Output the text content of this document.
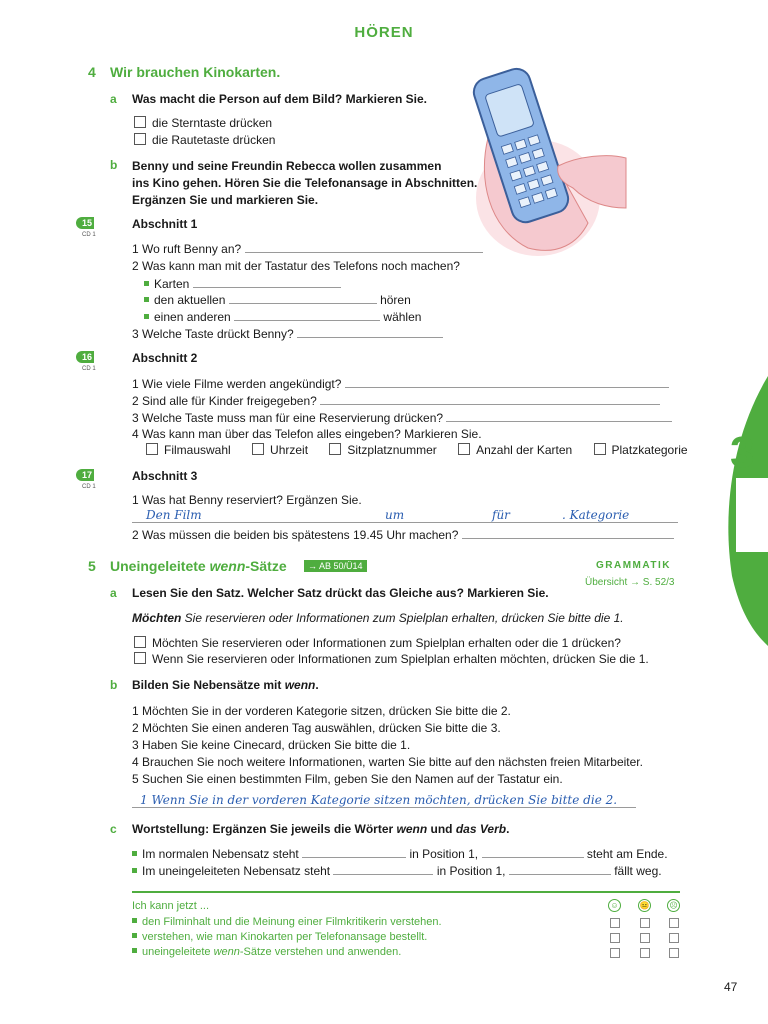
HÖREN
3
4 Wir brauchen Kinokarten.
a Was macht die Person auf dem Bild? Markieren Sie.
die Sterntaste drücken
die Rautetaste drücken
b Benny und seine Freundin Rebecca wollen zusammen
ins Kino gehen. Hören Sie die Telefonansage in Abschnitten.
Ergänzen Sie und markieren Sie.
15
CD 1
Abschnitt 1
1 Wo ruft Benny an?
2 Was kann man mit der Tastatur des Telefons noch machen?
Karten
den aktuellen	hören
einen anderen	wählen
3 Welche Taste drückt Benny?
16
CD 1
Abschnitt 2
1 Wie viele Filme werden angekündigt?
2 Sind alle für Kinder freigegeben?
3 Welche Taste muss man für eine Reservierung drücken?
4 Was kann man über das Telefon alles eingeben? Markieren Sie.
Filmauswahl	Uhrzeit	Sitzplatznummer	Anzahl der Karten	Platzkategorie
17
CD 1
Abschnitt 3
1 Was hat Benny reserviert? Ergänzen Sie.
Den Film	um	für	. Kategorie
2 Was müssen die beiden bis spätestens 19.45 Uhr machen?
5 Uneingeleitete wenn-Sätze	→ AB 50/Ü14	GRAMMATIK
Übersicht → S. 52/3
a Lesen Sie den Satz. Welcher Satz drückt das Gleiche aus? Markieren Sie.
Möchten Sie reservieren oder Informationen zum Spielplan erhalten, drücken Sie bitte die 1.
Möchten Sie reservieren oder Informationen zum Spielplan erhalten oder die 1 drücken?
Wenn Sie reservieren oder Informationen zum Spielplan erhalten möchten, drücken Sie die 1.
b Bilden Sie Nebensätze mit wenn.
1 Möchten Sie in der vorderen Kategorie sitzen, drücken Sie bitte die 2.
2 Möchten Sie einen anderen Tag auswählen, drücken Sie bitte die 3.
3 Haben Sie keine Cinecard, drücken Sie bitte die 1.
4 Brauchen Sie noch weitere Informationen, warten Sie bitte auf den nächsten freien Mitarbeiter.
5 Suchen Sie einen bestimmten Film, geben Sie den Namen auf der Tastatur ein.
1 Wenn Sie in der vorderen Kategorie sitzen möchten, drücken Sie bitte die 2.
c Wortstellung: Ergänzen Sie jeweils die Wörter wenn und das Verb.
Im normalen Nebensatz steht	in Position 1,	steht am Ende.
Im uneingeleiteten Nebensatz steht	in Position 1,	fällt weg.
Ich kann jetzt ...
den Filminhalt und die Meinung einer Filmkritikerin verstehen.
verstehen, wie man Kinokarten per Telefonansage bestellt.
uneingeleitete wenn-Sätze verstehen und anwenden.
☺	😐 ☹
47
